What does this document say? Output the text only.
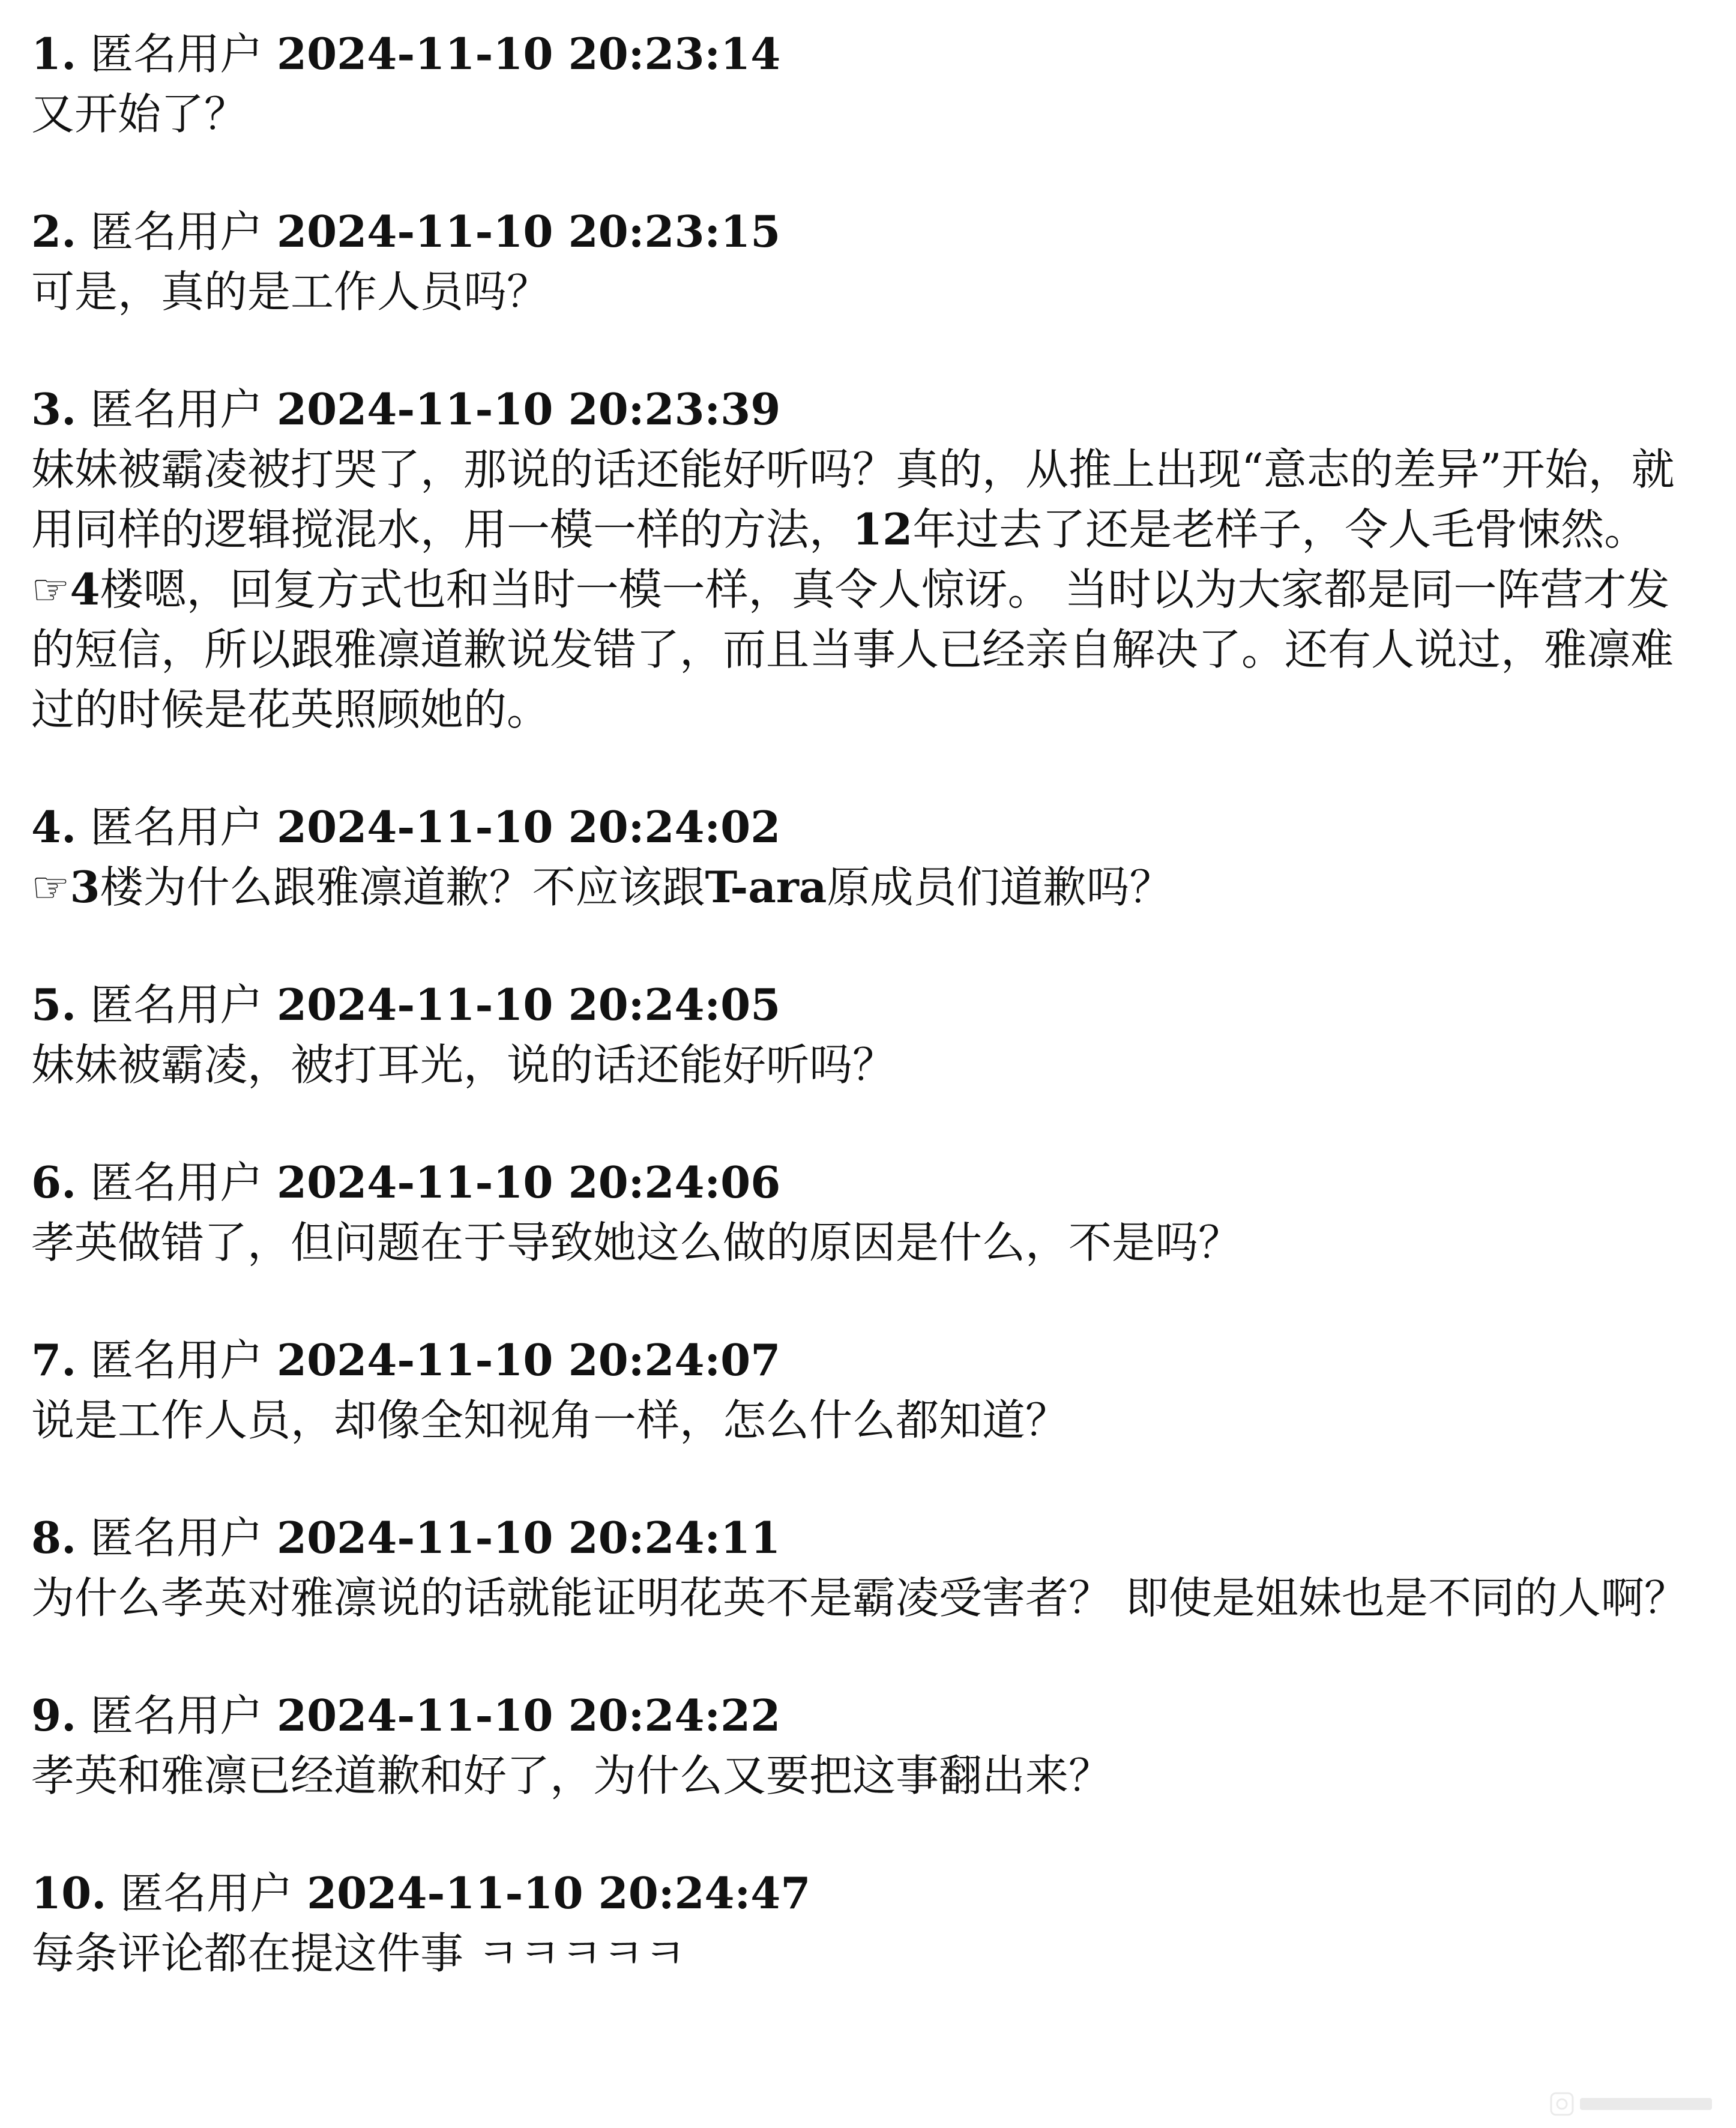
1. 匿名用户 2024-11-10 20:23:14

又开始了？

2. 匿名用户 2024-11-10 20:23:15

可是，真的是工作人员吗？

3. 匿名用户 2024-11-10 20:23:39

妹妹被霸凌被打哭了，那说的话还能好听吗？真的，从推上出现“意志的差异”开始，就用同样的逻辑搅混水，用一模一样的方法，12年过去了还是老样子，令人毛骨悚然。

☞4楼嗯，回复方式也和当时一模一样，真令人惊讶。 当时以为大家都是同一阵营才发的短信，所以跟雅凛道歉说发错了，而且当事人已经亲自解决了。还有人说过，雅凛难过的时候是花英照顾她的。

4. 匿名用户 2024-11-10 20:24:02

☞3楼为什么跟雅凛道歉？不应该跟T-ara原成员们道歉吗？

5. 匿名用户 2024-11-10 20:24:05

妹妹被霸凌，被打耳光，说的话还能好听吗？

6. 匿名用户 2024-11-10 20:24:06

孝英做错了，但问题在于导致她这么做的原因是什么，不是吗？

7. 匿名用户 2024-11-10 20:24:07

说是工作人员，却像全知视角一样，怎么什么都知道？

8. 匿名用户 2024-11-10 20:24:11

为什么孝英对雅凛说的话就能证明花英不是霸凌受害者？ 即使是姐妹也是不同的人啊？

9. 匿名用户 2024-11-10 20:24:22

孝英和雅凛已经道歉和好了，为什么又要把这事翻出来？

10. 匿名用户 2024-11-10 20:24:47

每条评论都在提这件事 ㅋㅋㅋㅋㅋ
